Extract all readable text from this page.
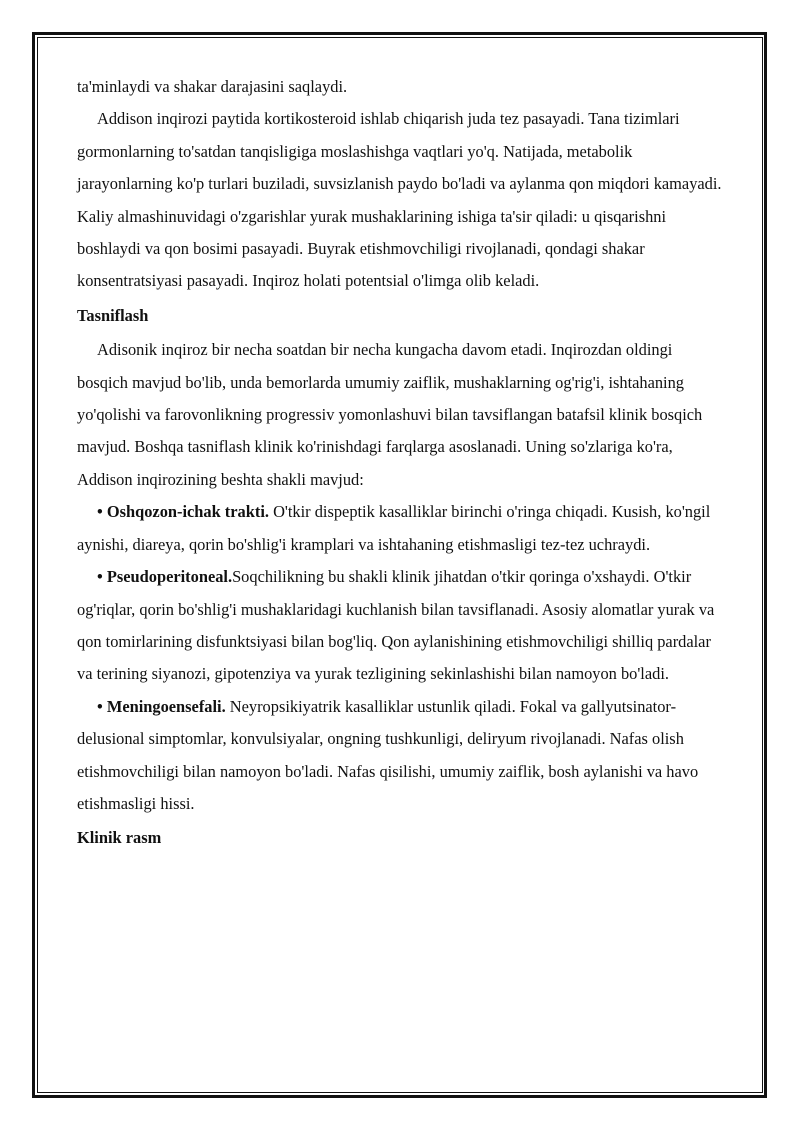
ta'minlaydi va shakar darajasini saqlaydi.

Addison inqirozi paytida kortikosteroid ishlab chiqarish juda tez pasayadi. Tana tizimlari gormonlarning to'satdan tanqisligiga moslashishga vaqtlari yo'q. Natijada, metabolik jarayonlarning ko'p turlari buziladi, suvsizlanish paydo bo'ladi va aylanma qon miqdori kamayadi. Kaliy almashinuvidagi o'zgarishlar yurak mushaklarining ishiga ta'sir qiladi: u qisqarishni boshlaydi va qon bosimi pasayadi. Buyrak etishmovchiligi rivojlanadi, qondagi shakar konsentratsiyasi pasayadi. Inqiroz holati potentsial o'limga olib keladi.

Tasniflash

Adisonik inqiroz bir necha soatdan bir necha kungacha davom etadi. Inqirozdan oldingi bosqich mavjud bo'lib, unda bemorlarda umumiy zaiflik, mushaklarning og'rig'i, ishtahaning yo'qolishi va farovonlikning progressiv yomonlashuvi bilan tavsiflangan batafsil klinik bosqich mavjud. Boshqa tasniflash klinik ko'rinishdagi farqlarga asoslanadi. Uning so'zlariga ko'ra, Addison inqirozining beshta shakli mavjud:

• Oshqozon-ichak trakti. O'tkir dispeptik kasalliklar birinchi o'ringa chiqadi. Kusish, ko'ngil aynishi, diareya, qorin bo'shlig'i kramplari va ishtahaning etishmasligi tez-tez uchraydi.

• Pseudoperitoneal.Soqchilikning bu shakli klinik jihatdan o'tkir qoringa o'xshaydi. O'tkir og'riqlar, qorin bo'shlig'i mushaklaridagi kuchlanish bilan tavsiflanadi. Asosiy alomatlar yurak va qon tomirlarining disfunktsiyasi bilan bog'liq. Qon aylanishining etishmovchiligi shilliq pardalar va terining siyanozi, gipotenziya va yurak tezligining sekinlashishi bilan namoyon bo'ladi.

• Meningoensefali. Neyropsikiyatrik kasalliklar ustunlik qiladi. Fokal va gallyutsinator-delusional simptomlar, konvulsiyalar, ongning tushkunligi, deliryum rivojlanadi. Nafas olish etishmovchiligi bilan namoyon bo'ladi. Nafas qisilishi, umumiy zaiflik, bosh aylanishi va havo etishmasligi hissi.

Klinik rasm
